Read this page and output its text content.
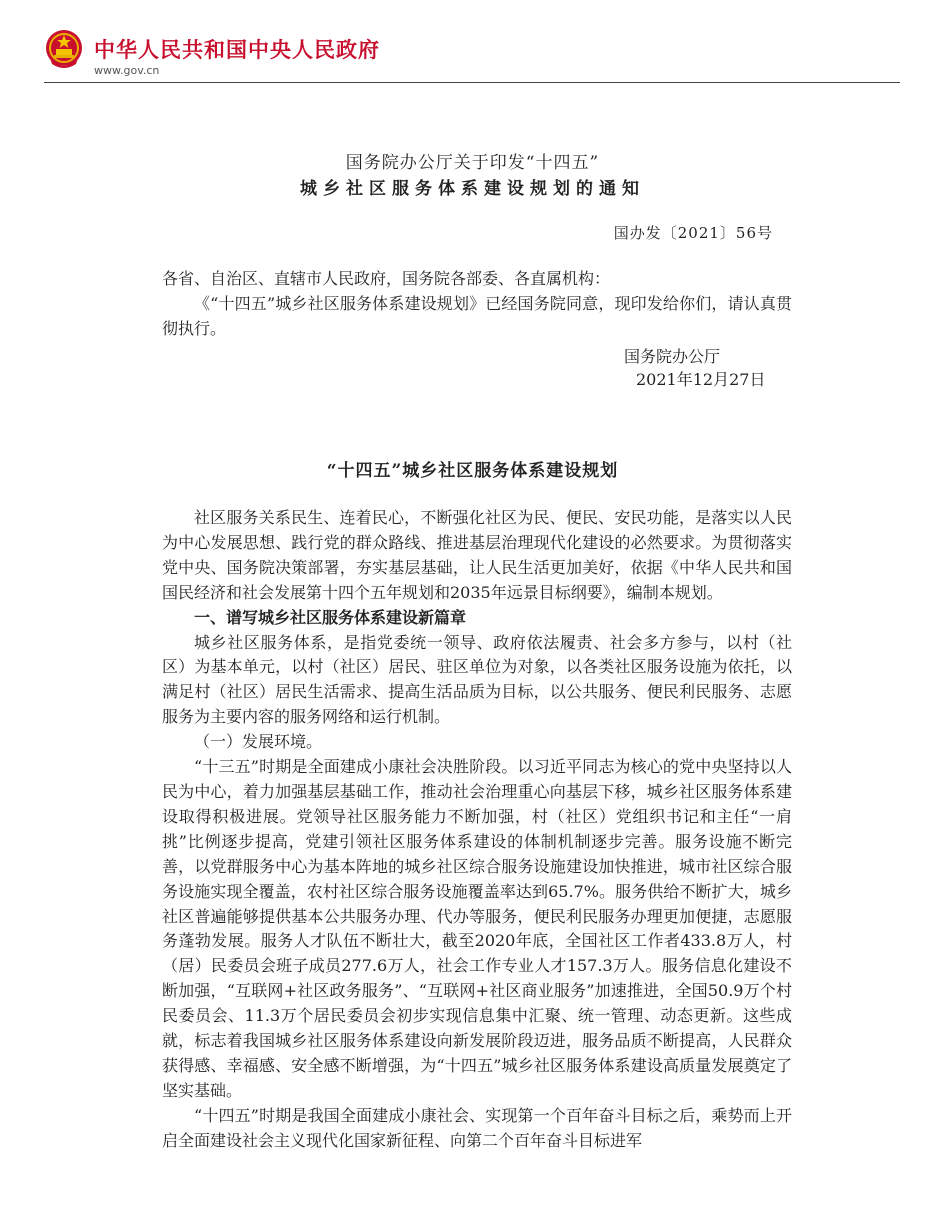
中华人民共和国中央人民政府
www.gov.cn
国务院办公厅关于印发“十四五”
城乡社区服务体系建设规划的通知
国办发〔2021〕56号

各省、自治区、直辖市人民政府，国务院各部委、各直属机构：

《“十四五”城乡社区服务体系建设规划》已经国务院同意，现印发给你们，请认真贯彻执行。

国务院办公厅
2021年12月27日
“十四五”城乡社区服务体系建设规划

社区服务关系民生、连着民心，不断强化社区为民、便民、安民功能，是落实以人民为中心发展思想、践行党的群众路线、推进基层治理现代化建设的必然要求。为贯彻落实党中央、国务院决策部署，夯实基层基础，让人民生活更加美好，依据《中华人民共和国国民经济和社会发展第十四个五年规划和2035年远景目标纲要》，编制本规划。

一、谱写城乡社区服务体系建设新篇章

城乡社区服务体系，是指党委统一领导、政府依法履责、社会多方参与，以村（社区）为基本单元，以村（社区）居民、驻区单位为对象，以各类社区服务设施为依托，以满足村（社区）居民生活需求、提高生活品质为目标，以公共服务、便民利民服务、志愿服务为主要内容的服务网络和运行机制。

（一）发展环境。

“十三五”时期是全面建成小康社会决胜阶段。以习近平同志为核心的党中央坚持以人民为中心，着力加强基层基础工作，推动社会治理重心向基层下移，城乡社区服务体系建设取得积极进展。党领导社区服务能力不断加强，村（社区）党组织书记和主任“一肩挑”比例逐步提高，党建引领社区服务体系建设的体制机制逐步完善。服务设施不断完善，以党群服务中心为基本阵地的城乡社区综合服务设施建设加快推进，城市社区综合服务设施实现全覆盖，农村社区综合服务设施覆盖率达到65.7%。服务供给不断扩大，城乡社区普遍能够提供基本公共服务办理、代办等服务，便民利民服务办理更加便捷，志愿服务蓬勃发展。服务人才队伍不断壮大，截至2020年底，全国社区工作者433.8万人，村（居）民委员会班子成员277.6万人，社会工作专业人才157.3万人。服务信息化建设不断加强，“互联网+社区政务服务”、“互联网+社区商业服务”加速推进，全国50.9万个村民委员会、11.3万个居民委员会初步实现信息集中汇聚、统一管理、动态更新。这些成就，标志着我国城乡社区服务体系建设向新发展阶段迈进，服务品质不断提高，人民群众获得感、幸福感、安全感不断增强，为“十四五”城乡社区服务体系建设高质量发展奠定了坚实基础。

“十四五”时期是我国全面建成小康社会、实现第一个百年奋斗目标之后，乘势而上开启全面建设社会主义现代化国家新征程、向第二个百年奋斗目标进军
